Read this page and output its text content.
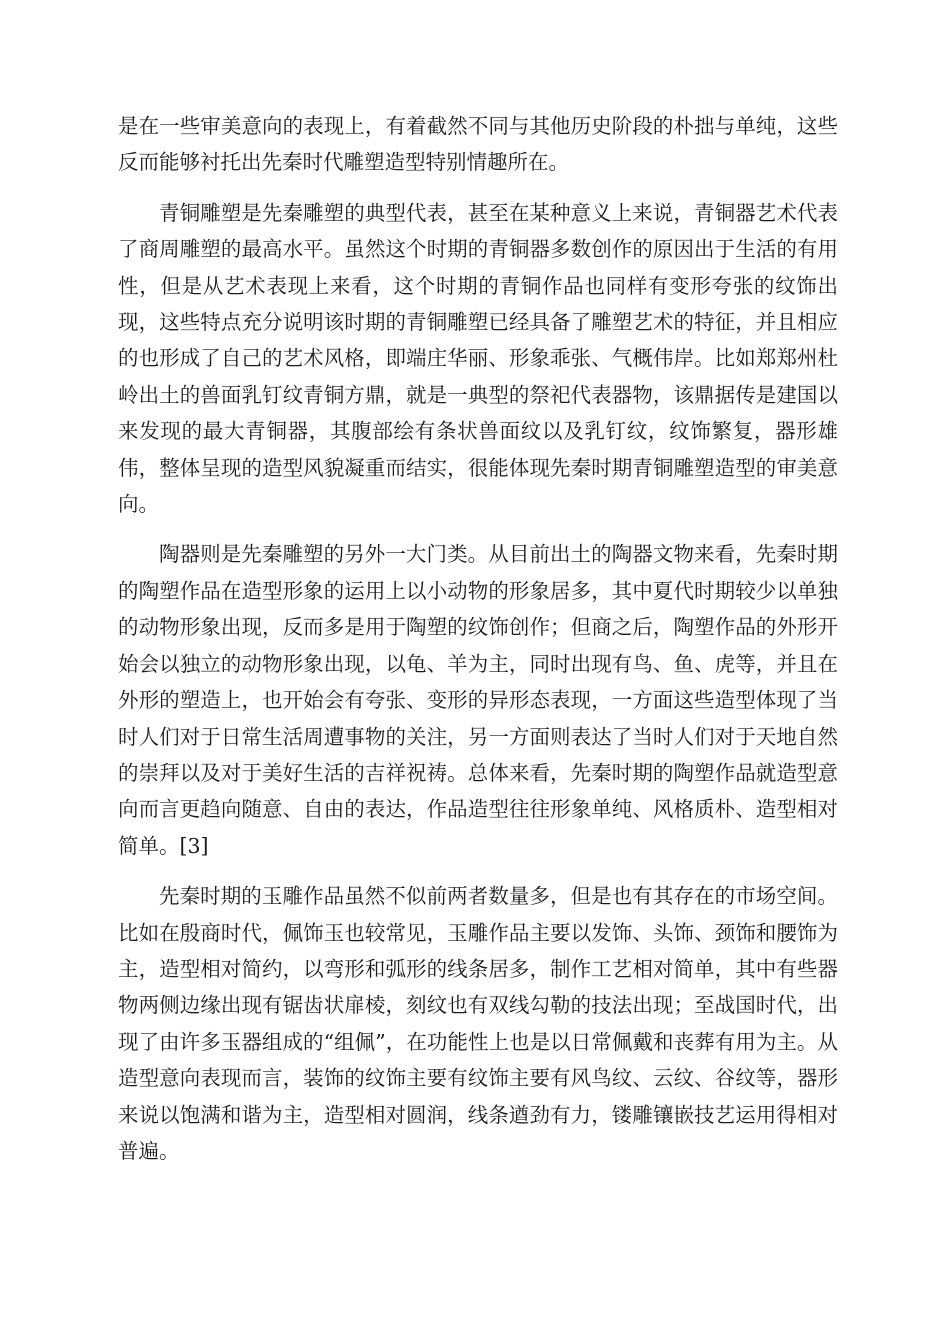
是在一些审美意向的表现上，有着截然不同与其他历史阶段的朴拙与单纯，这些反而能够衬托出先秦时代雕塑造型特别情趣所在。

青铜雕塑是先秦雕塑的典型代表，甚至在某种意义上来说，青铜器艺术代表了商周雕塑的最高水平。虽然这个时期的青铜器多数创作的原因出于生活的有用性，但是从艺术表现上来看，这个时期的青铜作品也同样有变形夸张的纹饰出现，这些特点充分说明该时期的青铜雕塑已经具备了雕塑艺术的特征，并且相应的也形成了自己的艺术风格，即端庄华丽、形象乖张、气概伟岸。比如郑郑州杜岭出土的兽面乳钉纹青铜方鼎，就是一典型的祭祀代表器物，该鼎据传是建国以来发现的最大青铜器，其腹部绘有条状兽面纹以及乳钉纹，纹饰繁复，器形雄伟，整体呈现的造型风貌凝重而结实，很能体现先秦时期青铜雕塑造型的审美意向。

陶器则是先秦雕塑的另外一大门类。从目前出土的陶器文物来看，先秦时期的陶塑作品在造型形象的运用上以小动物的形象居多，其中夏代时期较少以单独的动物形象出现，反而多是用于陶塑的纹饰创作；但商之后，陶塑作品的外形开始会以独立的动物形象出现，以龟、羊为主，同时出现有鸟、鱼、虎等，并且在外形的塑造上，也开始会有夸张、变形的异形态表现，一方面这些造型体现了当时人们对于日常生活周遭事物的关注，另一方面则表达了当时人们对于天地自然的崇拜以及对于美好生活的吉祥祝祷。总体来看，先秦时期的陶塑作品就造型意向而言更趋向随意、自由的表达，作品造型往往形象单纯、风格质朴、造型相对简单。[3]

先秦时期的玉雕作品虽然不似前两者数量多，但是也有其存在的市场空间。比如在殷商时代，佩饰玉也较常见，玉雕作品主要以发饰、头饰、颈饰和腰饰为主，造型相对简约，以弯形和弧形的线条居多，制作工艺相对简单，其中有些器物两侧边缘出现有锯齿状扉棱，刻纹也有双线勾勒的技法出现；至战国时代，出现了由许多玉器组成的“组佩”，在功能性上也是以日常佩戴和丧葬有用为主。从造型意向表现而言，装饰的纹饰主要有纹饰主要有风鸟纹、云纹、谷纹等，器形来说以饱满和谐为主，造型相对圆润，线条遒劲有力，镂雕镶嵌技艺运用得相对普遍。
